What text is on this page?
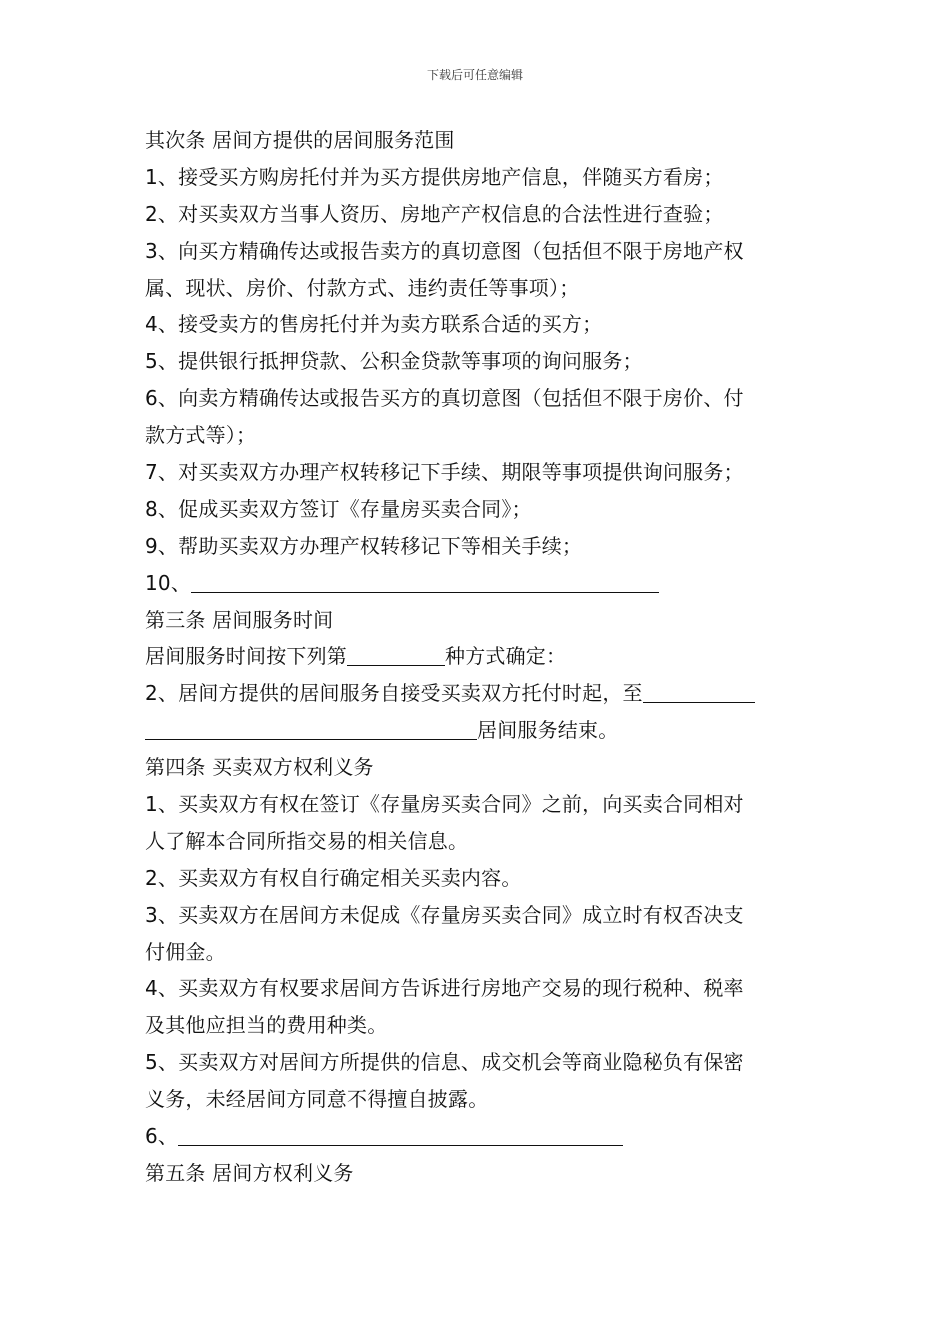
下载后可任意编辑
其次条 居间方提供的居间服务范围
1、接受买方购房托付并为买方提供房地产信息，伴随买方看房；
2、对买卖双方当事人资历、房地产产权信息的合法性进行查验；
3、向买方精确传达或报告卖方的真切意图（包括但不限于房地产权
属、现状、房价、付款方式、违约责任等事项）；
4、接受卖方的售房托付并为卖方联系合适的买方；
5、提供银行抵押贷款、公积金贷款等事项的询问服务；
6、向卖方精确传达或报告买方的真切意图（包括但不限于房价、付
款方式等）；
7、对买卖双方办理产权转移记下手续、期限等事项提供询问服务；
8、促成买卖双方签订《存量房买卖合同》；
9、帮助买卖双方办理产权转移记下等相关手续；
10、
第三条 居间服务时间
居间服务时间按下列第	种方式确定：
2、居间方提供的居间服务自接受买卖双方托付时起，至
居间服务结束。
第四条 买卖双方权利义务
1、买卖双方有权在签订《存量房买卖合同》之前，向买卖合同相对
人了解本合同所指交易的相关信息。
2、买卖双方有权自行确定相关买卖内容。
3、买卖双方在居间方未促成《存量房买卖合同》成立时有权否决支
付佣金。
4、买卖双方有权要求居间方告诉进行房地产交易的现行税种、税率
及其他应担当的费用种类。
5、买卖双方对居间方所提供的信息、成交机会等商业隐秘负有保密
义务，未经居间方同意不得擅自披露。
6、
第五条 居间方权利义务
